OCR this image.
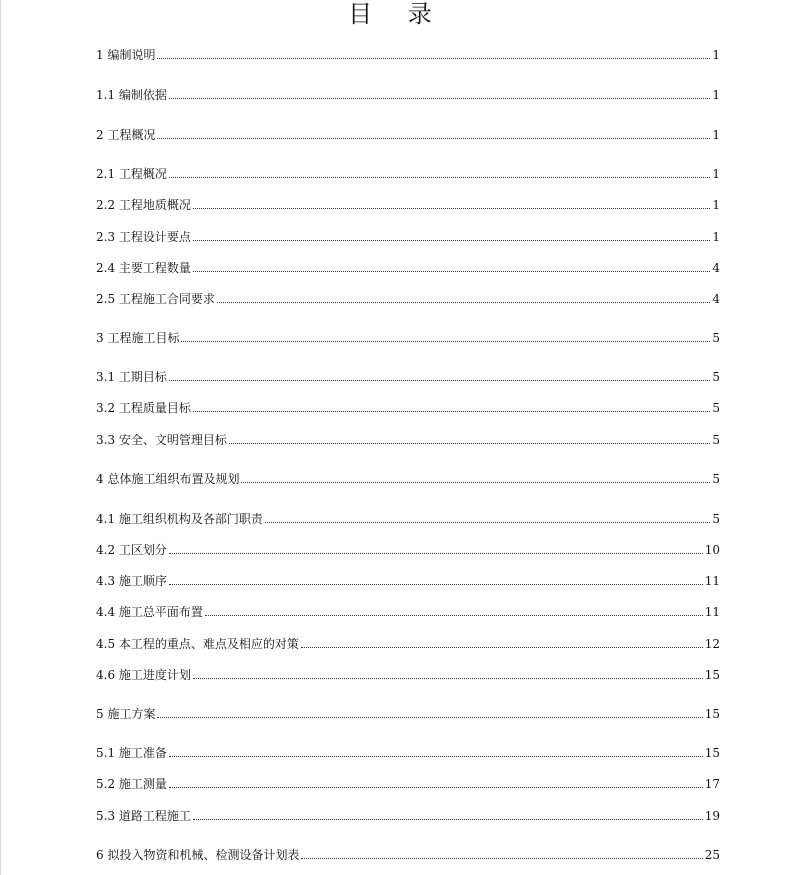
目 录
1 编制说明	1
1.1 编制依据	1
2 工程概况	1
2.1 工程概况	1
2.2 工程地质概况	1
2.3 工程设计要点	1
2.4 主要工程数量	4
2.5 工程施工合同要求	4
3 工程施工目标	5
3.1 工期目标	5
3.2 工程质量目标	5
3.3 安全、文明管理目标	5
4 总体施工组织布置及规划	5
4.1 施工组织机构及各部门职责	5
4.2 工区划分	10
4.3 施工顺序	11
4.4 施工总平面布置	11
4.5 本工程的重点、难点及相应的对策	12
4.6 施工进度计划	15
5 施工方案	15
5.1 施工准备	15
5.2 施工测量	17
5.3 道路工程施工	19
6 拟投入物资和机械、检测设备计划表	25
